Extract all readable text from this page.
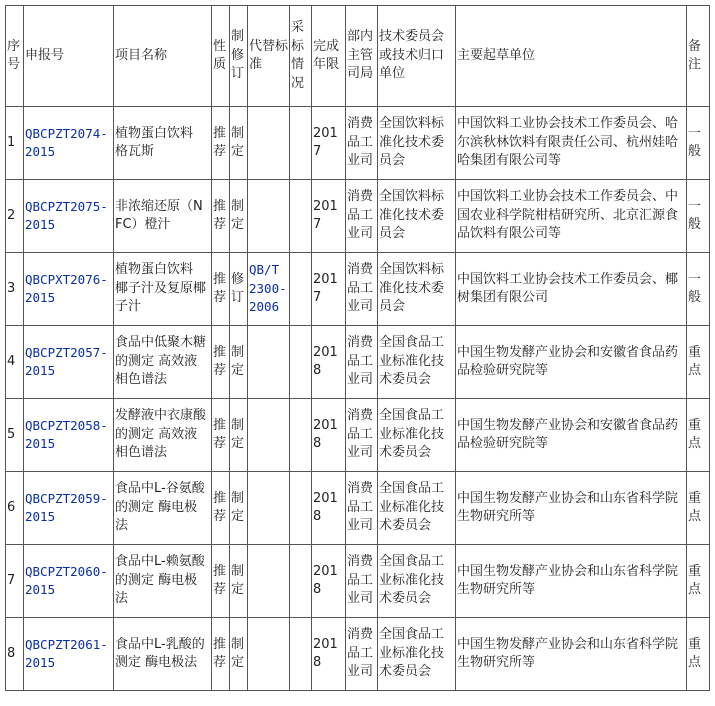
序号	申报号	项目名称	性质	制修订	代替标准	采标情况	完成年限	部内主管司局	技术委员会或技术归口单位	主要起草单位	备注
1	QBCPZT2074-2015	植物蛋白饮料 格瓦斯	推荐	制定			2017	消费品工业司	全国饮料标准化技术委员会	中国饮料工业协会技术工作委员会、哈尔滨秋林饮料有限责任公司、杭州娃哈哈集团有限公司等	一般
2	QBCPZT2075-2015	非浓缩还原（NFC）橙汁	推荐	制定			2017	消费品工业司	全国饮料标准化技术委员会	中国饮料工业协会技术工作委员会、中国农业科学院柑桔研究所、北京汇源食品饮料有限公司等	一般
3	QBCPXT2076-2015	植物蛋白饮料 椰子汁及复原椰子汁	推荐	修订	QB/T 2300-2006		2017	消费品工业司	全国饮料标准化技术委员会	中国饮料工业协会技术工作委员会、椰树集团有限公司	一般
4	QBCPZT2057-2015	食品中低聚木糖的测定 高效液相色谱法	推荐	制定			2018	消费品工业司	全国食品工业标准化技术委员会	中国生物发酵产业协会和安徽省食品药品检验研究院等	重点
5	QBCPZT2058-2015	发酵液中衣康酸的测定 高效液相色谱法	推荐	制定			2018	消费品工业司	全国食品工业标准化技术委员会	中国生物发酵产业协会和安徽省食品药品检验研究院等	重点
6	QBCPZT2059-2015	食品中L-谷氨酸的测定 酶电极法	推荐	制定			2018	消费品工业司	全国食品工业标准化技术委员会	中国生物发酵产业协会和山东省科学院生物研究所等	重点
7	QBCPZT2060-2015	食品中L-赖氨酸的测定 酶电极法	推荐	制定			2018	消费品工业司	全国食品工业标准化技术委员会	中国生物发酵产业协会和山东省科学院生物研究所等	重点
8	QBCPZT2061-2015	食品中L-乳酸的测定 酶电极法	推荐	制定			2018	消费品工业司	全国食品工业标准化技术委员会	中国生物发酵产业协会和山东省科学院生物研究所等	重点
